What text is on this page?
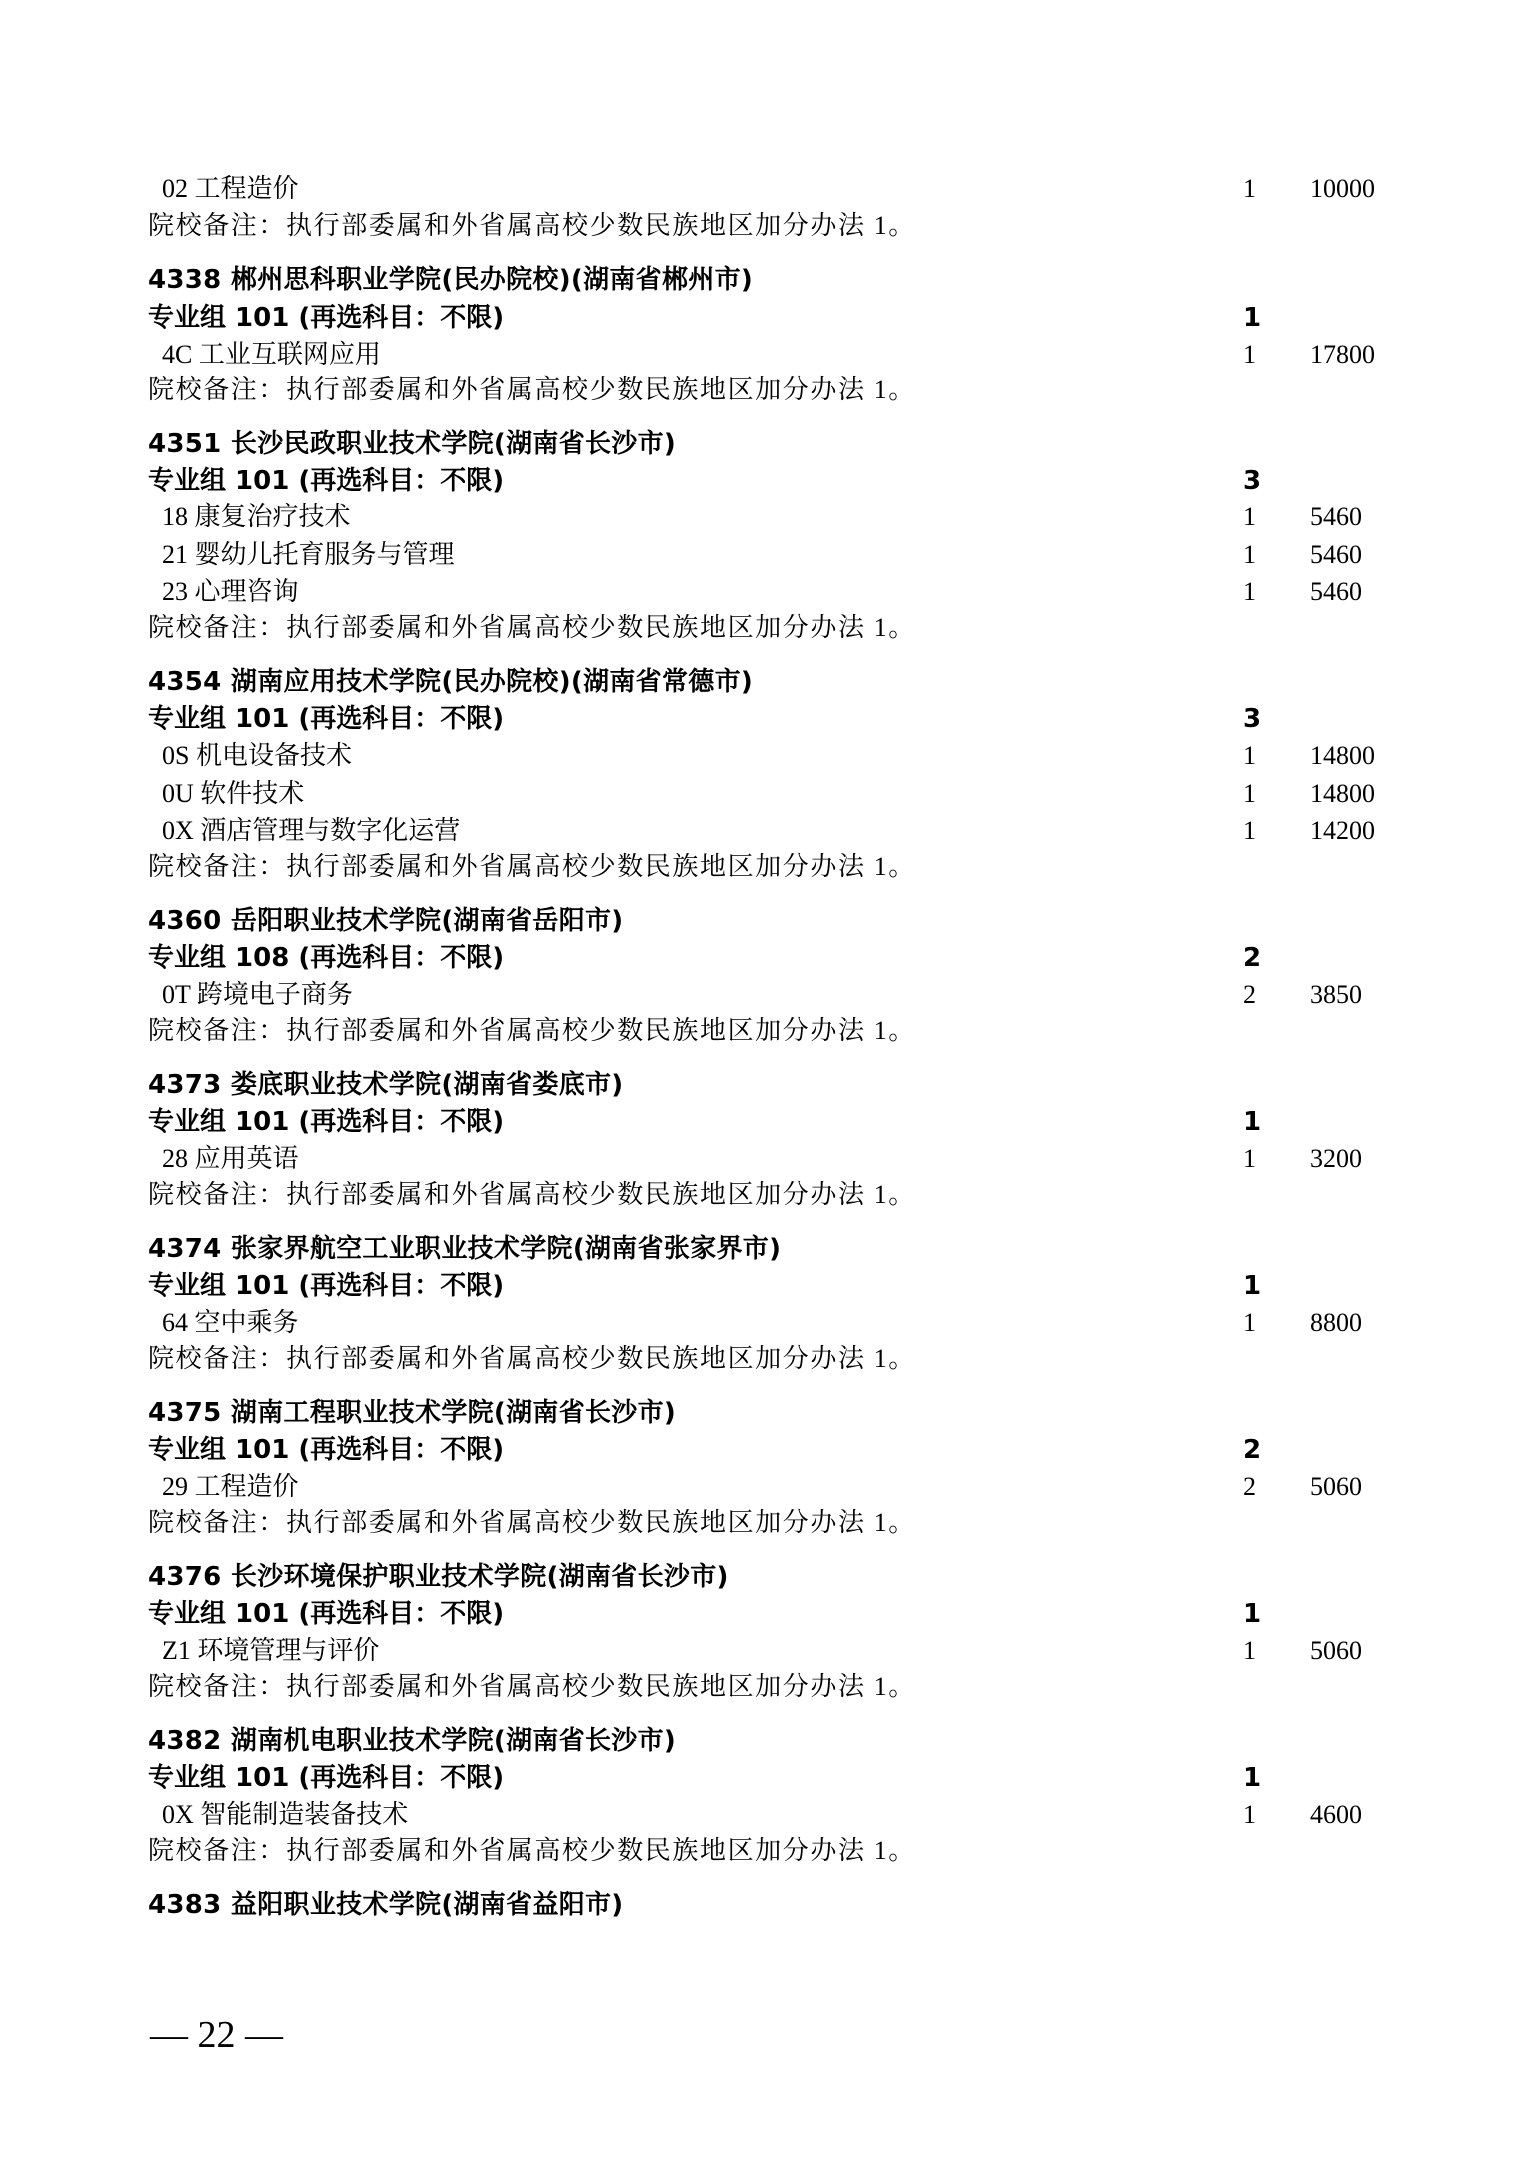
02 工程造价	1 10000
院校备注：执行部委属和外省属高校少数民族地区加分办法 1。
4338 郴州思科职业学院(民办院校)(湖南省郴州市)
专业组 101 (再选科目：不限)	1
4C 工业互联网应用	1 17800
院校备注：执行部委属和外省属高校少数民族地区加分办法 1。
4351 长沙民政职业技术学院(湖南省长沙市)
专业组 101 (再选科目：不限)	3
18 康复治疗技术	1 5460
21 婴幼儿托育服务与管理	1 5460
23 心理咨询	1 5460
院校备注：执行部委属和外省属高校少数民族地区加分办法 1。
4354 湖南应用技术学院(民办院校)(湖南省常德市)
专业组 101 (再选科目：不限)	3
0S 机电设备技术	1 14800
0U 软件技术	1 14800
0X 酒店管理与数字化运营	1 14200
院校备注：执行部委属和外省属高校少数民族地区加分办法 1。
4360 岳阳职业技术学院(湖南省岳阳市)
专业组 108 (再选科目：不限)	2
0T 跨境电子商务	2 3850
院校备注：执行部委属和外省属高校少数民族地区加分办法 1。
4373 娄底职业技术学院(湖南省娄底市)
专业组 101 (再选科目：不限)	1
28 应用英语	1 3200
院校备注：执行部委属和外省属高校少数民族地区加分办法 1。
4374 张家界航空工业职业技术学院(湖南省张家界市)
专业组 101 (再选科目：不限)	1
64 空中乘务	1 8800
院校备注：执行部委属和外省属高校少数民族地区加分办法 1。
4375 湖南工程职业技术学院(湖南省长沙市)
专业组 101 (再选科目：不限)	2
29 工程造价	2 5060
院校备注：执行部委属和外省属高校少数民族地区加分办法 1。
4376 长沙环境保护职业技术学院(湖南省长沙市)
专业组 101 (再选科目：不限)	1
Z1 环境管理与评价	1 5060
院校备注：执行部委属和外省属高校少数民族地区加分办法 1。
4382 湖南机电职业技术学院(湖南省长沙市)
专业组 101 (再选科目：不限)	1
0X 智能制造装备技术	1 4600
院校备注：执行部委属和外省属高校少数民族地区加分办法 1。
4383 益阳职业技术学院(湖南省益阳市)
— 22 —
